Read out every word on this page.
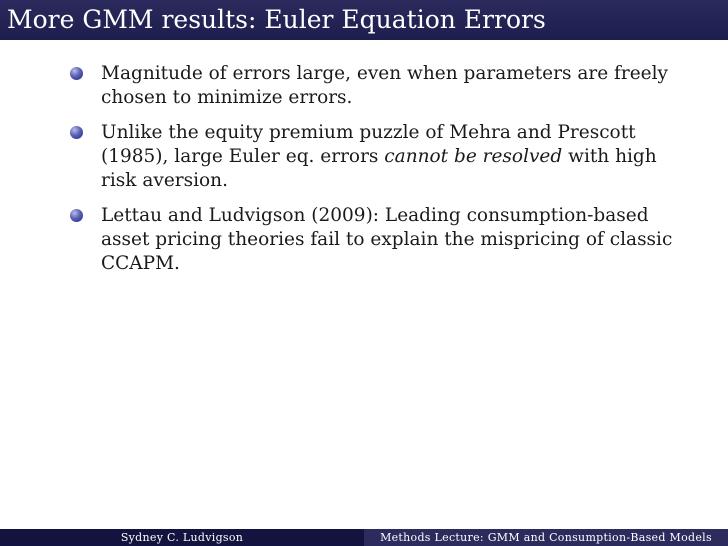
More GMM results: Euler Equation Errors
Magnitude of errors large, even when parameters are freely chosen to minimize errors.
Unlike the equity premium puzzle of Mehra and Prescott (1985), large Euler eq. errors cannot be resolved with high risk aversion.
Lettau and Ludvigson (2009): Leading consumption-based asset pricing theories fail to explain the mispricing of classic CCAPM.
Sydney C. Ludvigson	Methods Lecture: GMM and Consumption-Based Models
